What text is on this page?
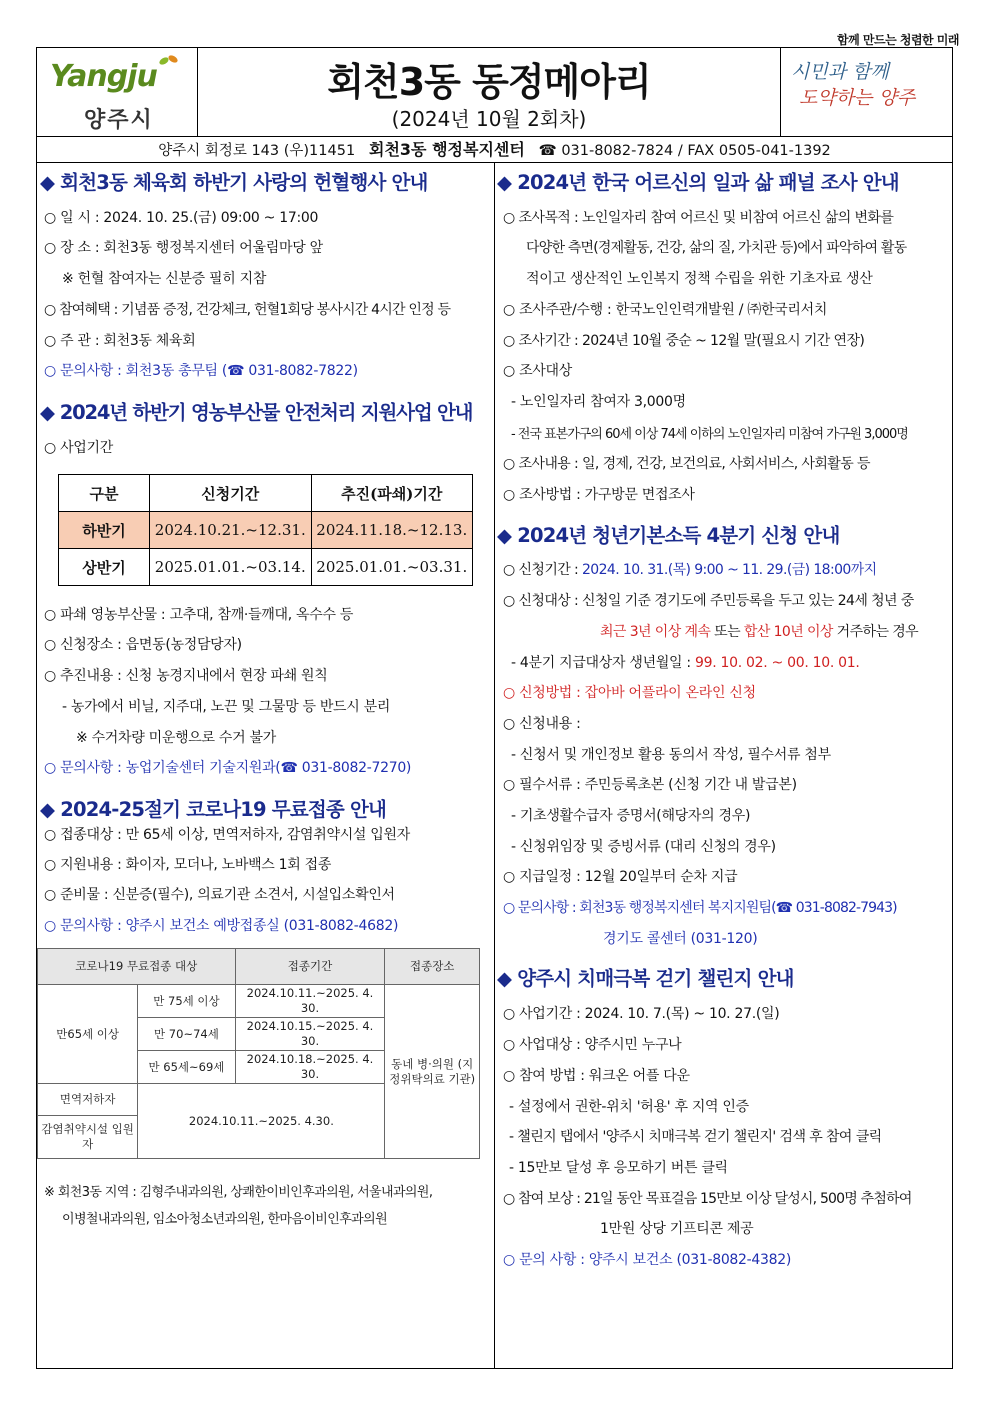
함께 만드는 청렴한 미래
Yangju
양주시
회천3동 동정메아리
(2024년 10월 2회차)
시민과 함께
도약하는 양주
양주시 회정로 143 (우)11451 회천3동 행정복지센터 ☎ 031-8082-7824 / FAX 0505-041-1392
◆ 회천3동 체육회 하반기 사랑의 헌혈행사 안내
○ 일 시 : 2024. 10. 25.(금) 09:00 ~ 17:00
○ 장 소 : 회천3동 행정복지센터 어울림마당 앞
※ 헌혈 참여자는 신분증 필히 지참
○ 참여혜택 : 기념품 증정, 건강체크, 헌혈1회당 봉사시간 4시간 인정 등
○ 주 관 : 회천3동 체육회
○ 문의사항 : 회천3동 총무팀 (☎ 031-8082-7822)
◆ 2024년 하반기 영농부산물 안전처리 지원사업 안내
○ 사업기간
구분	신청기간	추진(파쇄)기간
하반기	2024.10.21.~12.31.	2024.11.18.~12.13.
상반기	2025.01.01.~03.14.	2025.01.01.~03.31.
○ 파쇄 영농부산물 : 고추대, 참깨·들깨대, 옥수수 등
○ 신청장소 : 읍면동(농정담당자)
○ 추진내용 : 신청 농경지내에서 현장 파쇄 원칙
- 농가에서 비닐, 지주대, 노끈 및 그물망 등 반드시 분리
※ 수거차량 미운행으로 수거 불가
○ 문의사항 : 농업기술센터 기술지원과(☎ 031-8082-7270)
◆ 2024-25절기 코로나19 무료접종 안내
○ 접종대상 : 만 65세 이상, 면역저하자, 감염취약시설 입원자
○ 지원내용 : 화이자, 모더나, 노바백스 1회 접종
○ 준비물 : 신분증(필수), 의료기관 소견서, 시설입소확인서
○ 문의사항 : 양주시 보건소 예방접종실 (031-8082-4682)
코로나19 무료접종 대상		접종기간	접종장소
만65세 이상	만 75세 이상	2024.10.11.~2025. 4. 30.	동네 병·의원 (지정위탁의료 기관)
	만 70~74세	2024.10.15.~2025. 4. 30.	
	만 65세~69세	2024.10.18.~2025. 4. 30.	
면역저하자	2024.10.11.~2025. 4.30.		
감염취약시설 입원자			
※ 회천3동 지역 : 김형주내과의원, 상쾌한이비인후과의원, 서울내과의원,
이병철내과의원, 임소아청소년과의원, 한마음이비인후과의원
◆ 2024년 한국 어르신의 일과 삶 패널 조사 안내
○ 조사목적 : 노인일자리 참여 어르신 및 비참여 어르신 삶의 변화를
다양한 측면(경제활동, 건강, 삶의 질, 가치관 등)에서 파악하여 활동
적이고 생산적인 노인복지 정책 수립을 위한 기초자료 생산
○ 조사주관/수행 : 한국노인인력개발원 / ㈜한국리서치
○ 조사기간 : 2024년 10월 중순 ~ 12월 말(필요시 기간 연장)
○ 조사대상
- 노인일자리 참여자 3,000명
- 전국 표본가구의 60세 이상 74세 이하의 노인일자리 미참여 가구원 3,000명
○ 조사내용 : 일, 경제, 건강, 보건의료, 사회서비스, 사회활동 등
○ 조사방법 : 가구방문 면접조사
◆ 2024년 청년기본소득 4분기 신청 안내
○ 신청기간 : 2024. 10. 31.(목) 9:00 ~ 11. 29.(금) 18:00까지
○ 신청대상 : 신청일 기준 경기도에 주민등록을 두고 있는 24세 청년 중
최근 3년 이상 계속 또는 합산 10년 이상 거주하는 경우
- 4분기 지급대상자 생년월일 : 99. 10. 02. ~ 00. 10. 01.
○ 신청방법 : 잡아바 어플라이 온라인 신청
○ 신청내용 :
- 신청서 및 개인정보 활용 동의서 작성, 필수서류 첨부
○ 필수서류 : 주민등록초본 (신청 기간 내 발급본)
- 기초생활수급자 증명서(해당자의 경우)
- 신청위임장 및 증빙서류 (대리 신청의 경우)
○ 지급일정 : 12월 20일부터 순차 지급
○ 문의사항 : 회천3동 행정복지센터 복지지원팀(☎ 031-8082-7943)
경기도 콜센터 (031-120)
◆ 양주시 치매극복 걷기 챌린지 안내
○ 사업기간 : 2024. 10. 7.(목) ~ 10. 27.(일)
○ 사업대상 : 양주시민 누구나
○ 참여 방법 : 워크온 어플 다운
- 설정에서 권한-위치 '허용' 후 지역 인증
- 챌린지 탭에서 '양주시 치매극복 걷기 챌린지' 검색 후 참여 클릭
- 15만보 달성 후 응모하기 버튼 클릭
○ 참여 보상 : 21일 동안 목표걸음 15만보 이상 달성시, 500명 추첨하여
1만원 상당 기프티콘 제공
○ 문의 사항 : 양주시 보건소 (031-8082-4382)
